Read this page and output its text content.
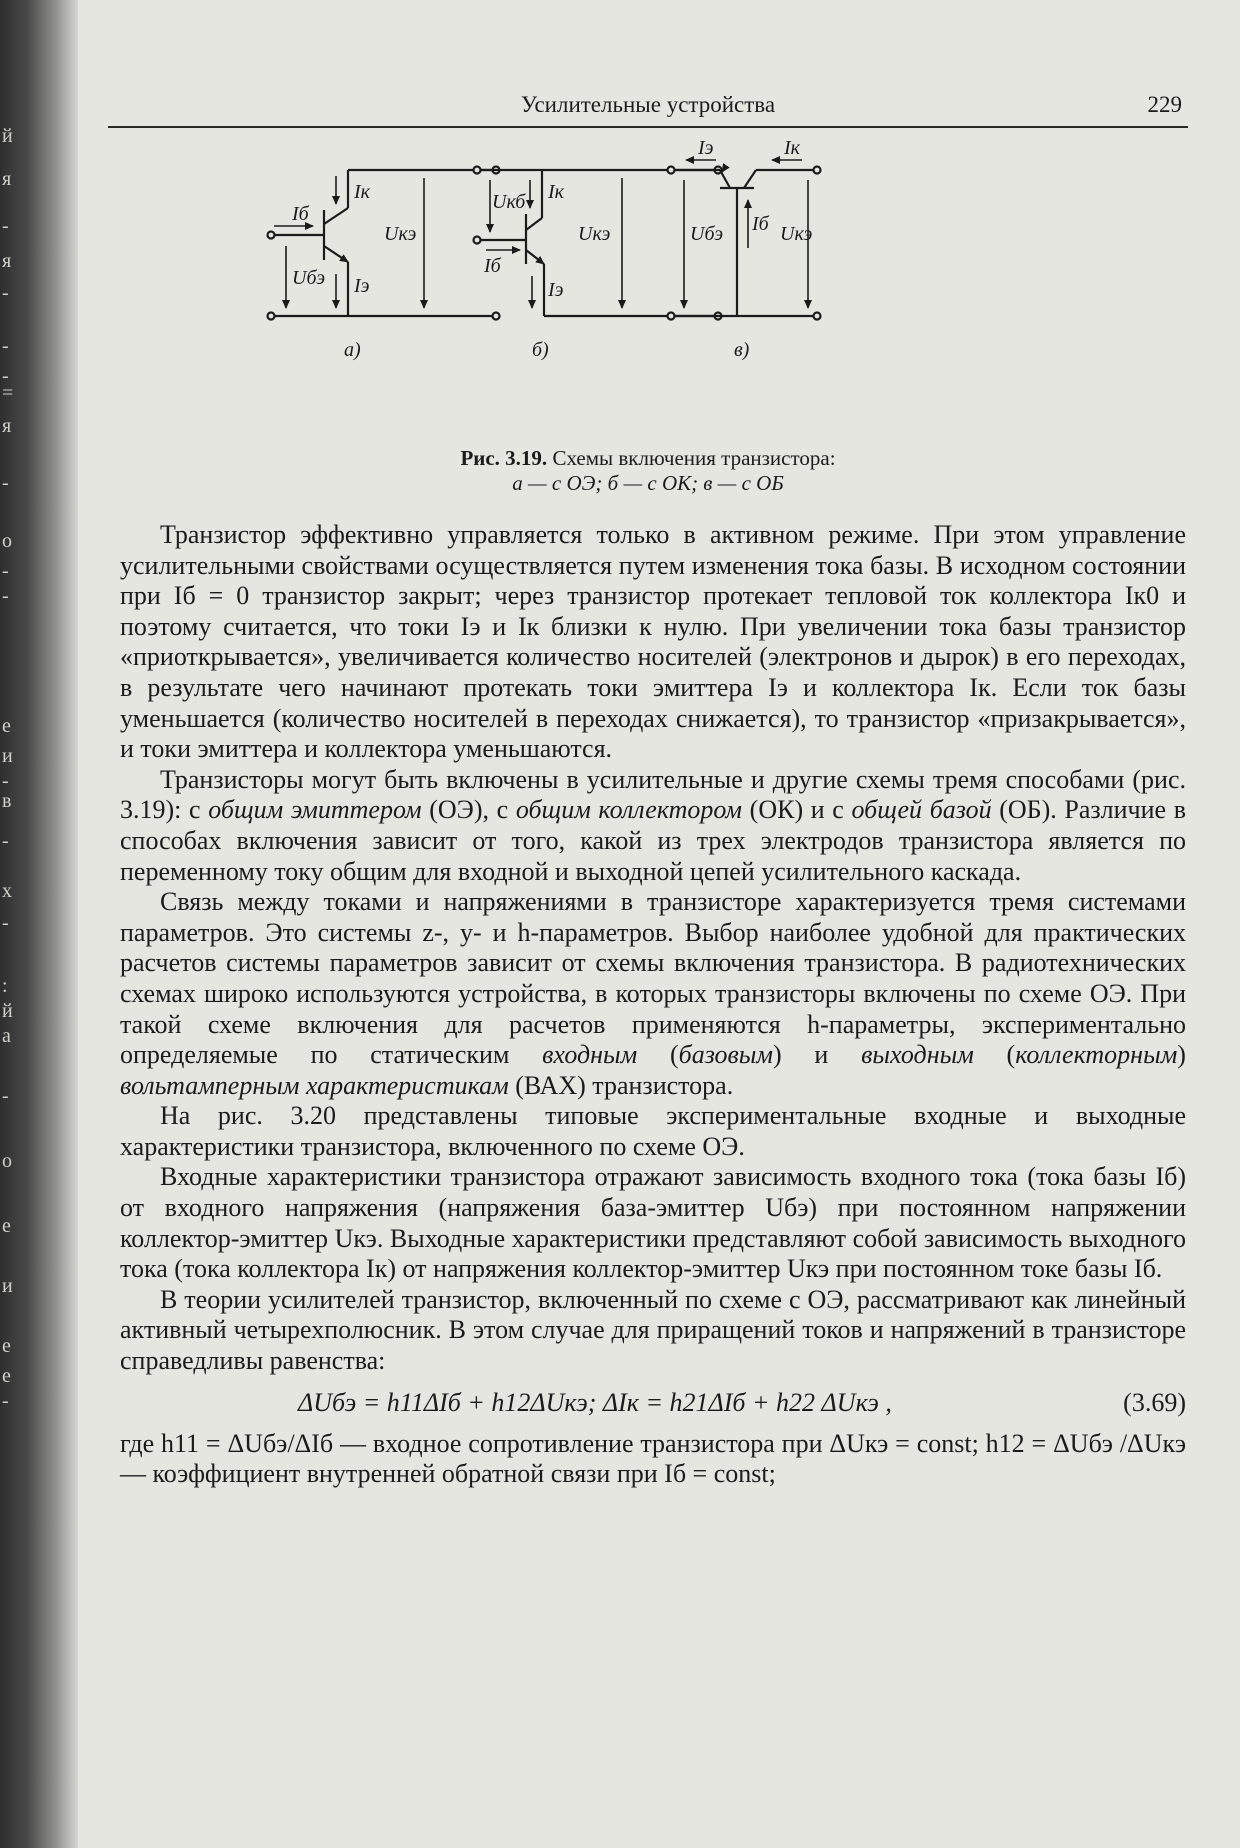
й
я
-
я
-
-
-
=
я
-
о
-
-
е
и
-
в
-
х
-
:
й
а
-
о
е
и
е
е
-
Усилительные устройства	229
Iб
Iк
Uкэ
Uбэ Iэ
а)
Uкб Iк
Uкэ
Iб
Iэ
б)
Iэ	Iк
Uбэ Iб Uкэ
в)
Рис. 3.19. Схемы включения транзистора:
а — с ОЭ; б — с ОК; в — с ОБ

Транзистор эффективно управляется только в активном режиме. При этом управление усилительными свойствами осуществляется путем изменения тока базы. В исходном состоянии при Iб = 0 транзистор закрыт; через транзистор протекает тепловой ток коллектора Iк0 и поэтому считается, что токи Iэ и Iк близки к нулю. При увеличении тока базы транзистор «приоткрывается», увеличивается количество носителей (электронов и дырок) в его переходах, в результате чего начинают протекать токи эмиттера Iэ и коллектора Iк. Если ток базы уменьшается (количество носителей в переходах снижается), то транзистор «призакрывается», и токи эмиттера и коллектора уменьшаются.

Транзисторы могут быть включены в усилительные и другие схемы тремя способами (рис. 3.19): с общим эмиттером (ОЭ), с общим коллектором (ОК) и с общей базой (ОБ). Различие в способах включения зависит от того, какой из трех электродов транзистора является по переменному току общим для входной и выходной цепей усилительного каскада.

Связь между токами и напряжениями в транзисторе характеризуется тремя системами параметров. Это системы z-, y- и h-параметров. Выбор наиболее удобной для практических расчетов системы параметров зависит от схемы включения транзистора. В радиотехнических схемах широко используются устройства, в которых транзисторы включены по схеме ОЭ. При такой схеме включения для расчетов применяются h-параметры, экспериментально определяемые по статическим входным (базовым) и выходным (коллекторным) вольтамперным характеристикам (ВАХ) транзистора.

На рис. 3.20 представлены типовые экспериментальные входные и выходные характеристики транзистора, включенного по схеме ОЭ.

Входные характеристики транзистора отражают зависимость входного тока (тока базы Iб) от входного напряжения (напряжения база-эмиттер Uбэ) при постоянном напряжении коллектор-эмиттер Uкэ. Выходные характеристики представляют собой зависимость выходного тока (тока коллектора Iк) от напряжения коллектор-эмиттер Uкэ при постоянном токе базы Iб.

В теории усилителей транзистор, включенный по схеме с ОЭ, рассматривают как линейный активный четырехполюсник. В этом случае для приращений токов и напряжений в транзисторе справедливы равенства:

ΔUбэ = h11ΔIб + h12ΔUкэ; ΔIк = h21ΔIб + h22 ΔUкэ ,	(3.69)

где h11 = ΔUбэ/ΔIб — входное сопротивление транзистора при ΔUкэ = const; h12 = ΔUбэ /ΔUкэ — коэффициент внутренней обратной связи при Iб = const;
